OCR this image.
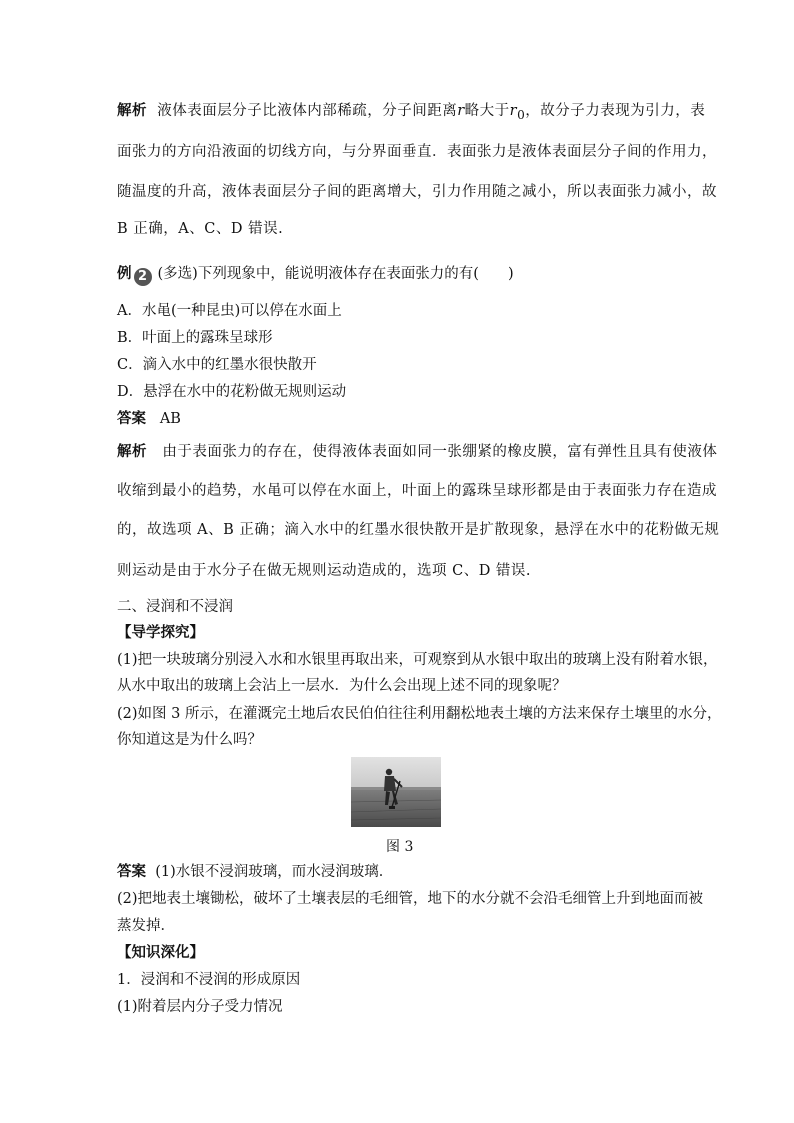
解析 液体表面层分子比液体内部稀疏，分子间距离r略大于$r_0$，故分子力表现为引力，表
面张力的方向沿液面的切线方向，与分界面垂直．表面张力是液体表面层分子间的作用力，
随温度的升高，液体表面层分子间的距离增大，引力作用随之减小，所以表面张力减小，故
B 正确，A、C、D 错误.
例 2 (多选)下列现象中，能说明液体存在表面张力的有(　　)
A．水黾(一种昆虫)可以停在水面上
B．叶面上的露珠呈球形
C．滴入水中的红墨水很快散开
D．悬浮在水中的花粉做无规则运动
答案 AB
解析 由于表面张力的存在，使得液体表面如同一张绷紧的橡皮膜，富有弹性且具有使液体
收缩到最小的趋势，水黾可以停在水面上，叶面上的露珠呈球形都是由于表面张力存在造成
的，故选项 A、B 正确；滴入水中的红墨水很快散开是扩散现象，悬浮在水中的花粉做无规
则运动是由于水分子在做无规则运动造成的，选项 C、D 错误.
二、浸润和不浸润
【导学探究】
(1)把一块玻璃分别浸入水和水银里再取出来，可观察到从水银中取出的玻璃上没有附着水银，
从水中取出的玻璃上会沾上一层水．为什么会出现上述不同的现象呢？
(2)如图 3 所示，在灌溉完土地后农民伯伯往往利用翻松地表土壤的方法来保存土壤里的水分，
你知道这是为什么吗？
图 3
答案 (1)水银不浸润玻璃，而水浸润玻璃．
(2)把地表土壤锄松，破坏了土壤表层的毛细管，地下的水分就不会沿毛细管上升到地面而被
蒸发掉．
【知识深化】
1．浸润和不浸润的形成原因
(1)附着层内分子受力情况
